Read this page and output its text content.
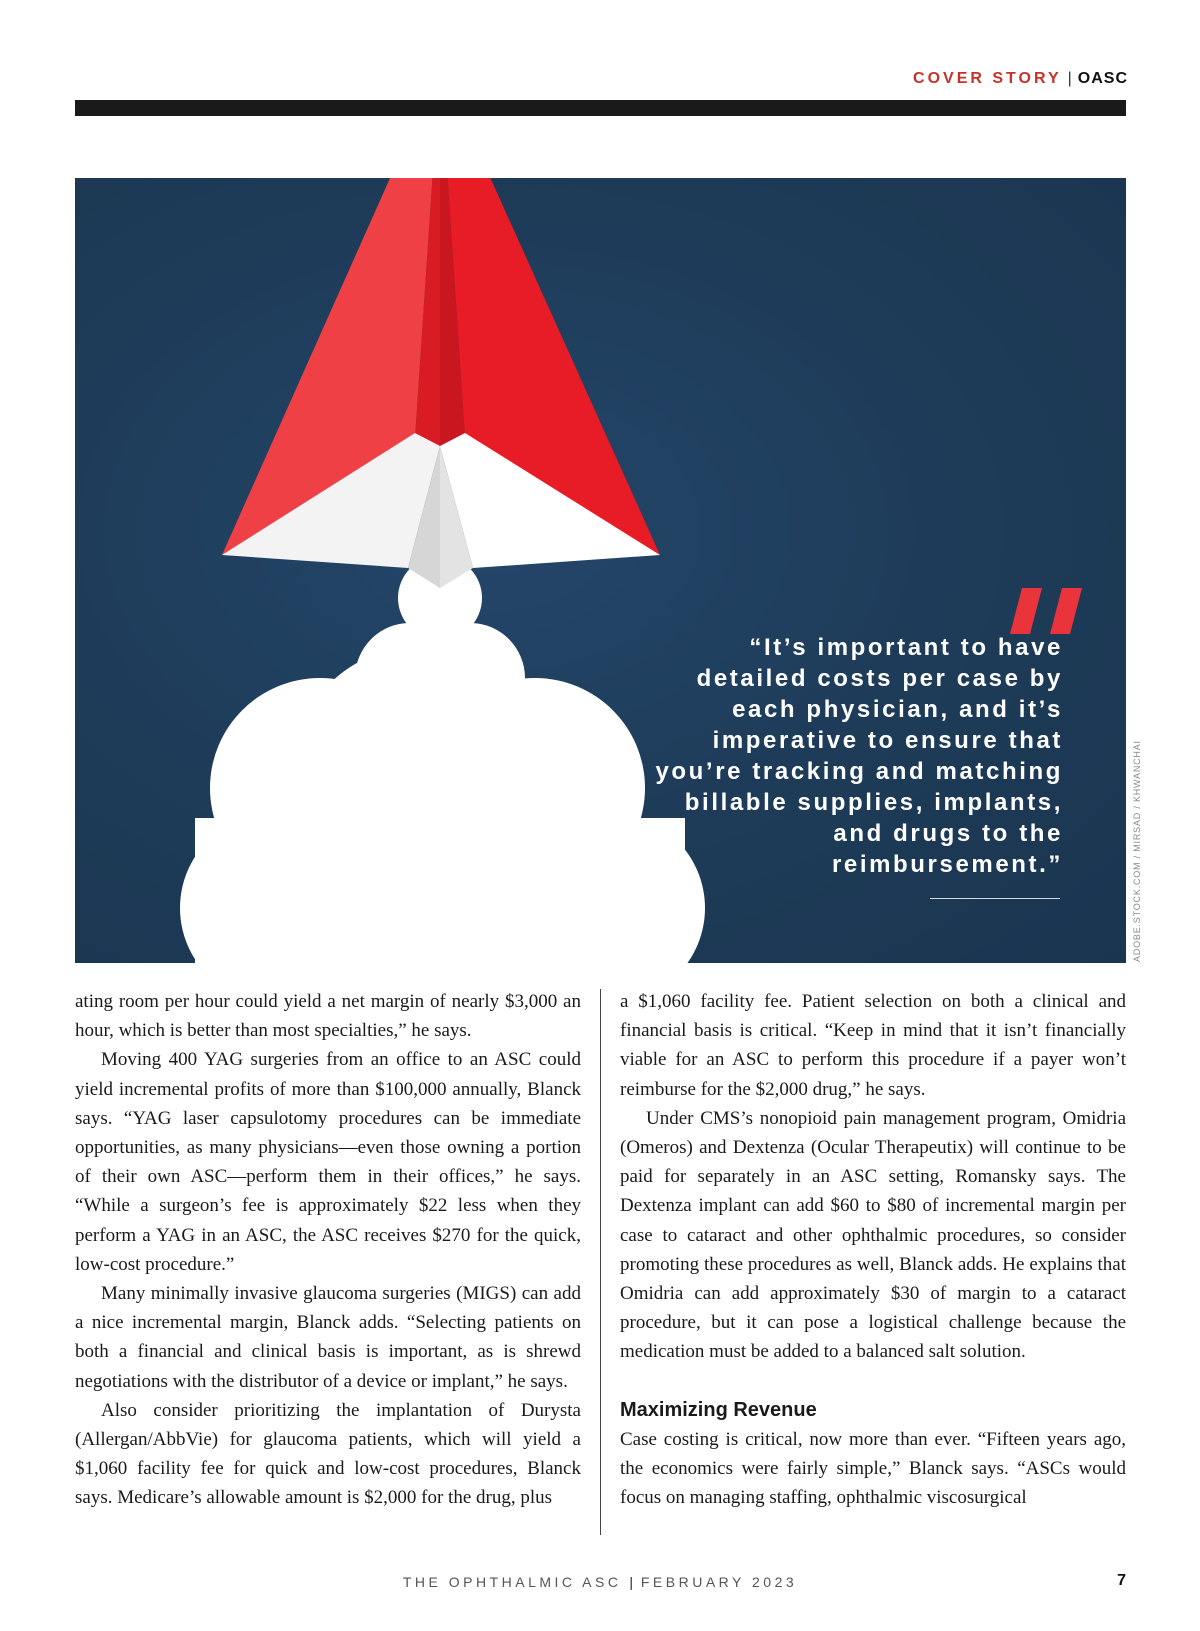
COVER STORY | OASC

“It’s important to have detailed costs per case by each physician, and it’s imperative to ensure that you’re tracking and matching billable supplies, implants, and drugs to the reimbursement.”	ADOBE.STOCK.COM / MIRSAD / KHWANCHAI

ating room per hour could yield a net margin of nearly $3,000 an hour, which is better than most specialties,” he says.

Moving 400 YAG surgeries from an office to an ASC could yield incremental profits of more than $100,000 annually, Blanck says. “YAG laser capsulotomy procedures can be immediate opportunities, as many physicians—even those owning a portion of their own ASC—perform them in their offices,” he says. “While a surgeon’s fee is approximately $22 less when they perform a YAG in an ASC, the ASC receives $270 for the quick, low-cost procedure.”

Many minimally invasive glaucoma surgeries (MIGS) can add a nice incremental margin, Blanck adds. “Selecting patients on both a financial and clinical basis is important, as is shrewd negotiations with the distributor of a device or implant,” he says.

Also consider prioritizing the implantation of Durysta (Allergan/AbbVie) for glaucoma patients, which will yield a $1,060 facility fee for quick and low-cost procedures, Blanck says. Medicare’s allowable amount is $2,000 for the drug, plus

a $1,060 facility fee. Patient selection on both a clinical and financial basis is critical. “Keep in mind that it isn’t financially viable for an ASC to perform this procedure if a payer won’t reimburse for the $2,000 drug,” he says.

Under CMS’s nonopioid pain management program, Omidria (Omeros) and Dextenza (Ocular Therapeutix) will continue to be paid for separately in an ASC setting, Romansky says. The Dextenza implant can add $60 to $80 of incremental margin per case to cataract and other ophthalmic procedures, so consider promoting these procedures as well, Blanck adds. He explains that Omidria can add approximately $30 of margin to a cataract procedure, but it can pose a logistical challenge because the medication must be added to a balanced salt solution.

Maximizing Revenue

Case costing is critical, now more than ever. “Fifteen years ago, the economics were fairly simple,” Blanck says. “ASCs would focus on managing staffing, ophthalmic viscosurgical

THE OPHTHALMIC ASC | FEBRUARY 2023	7
